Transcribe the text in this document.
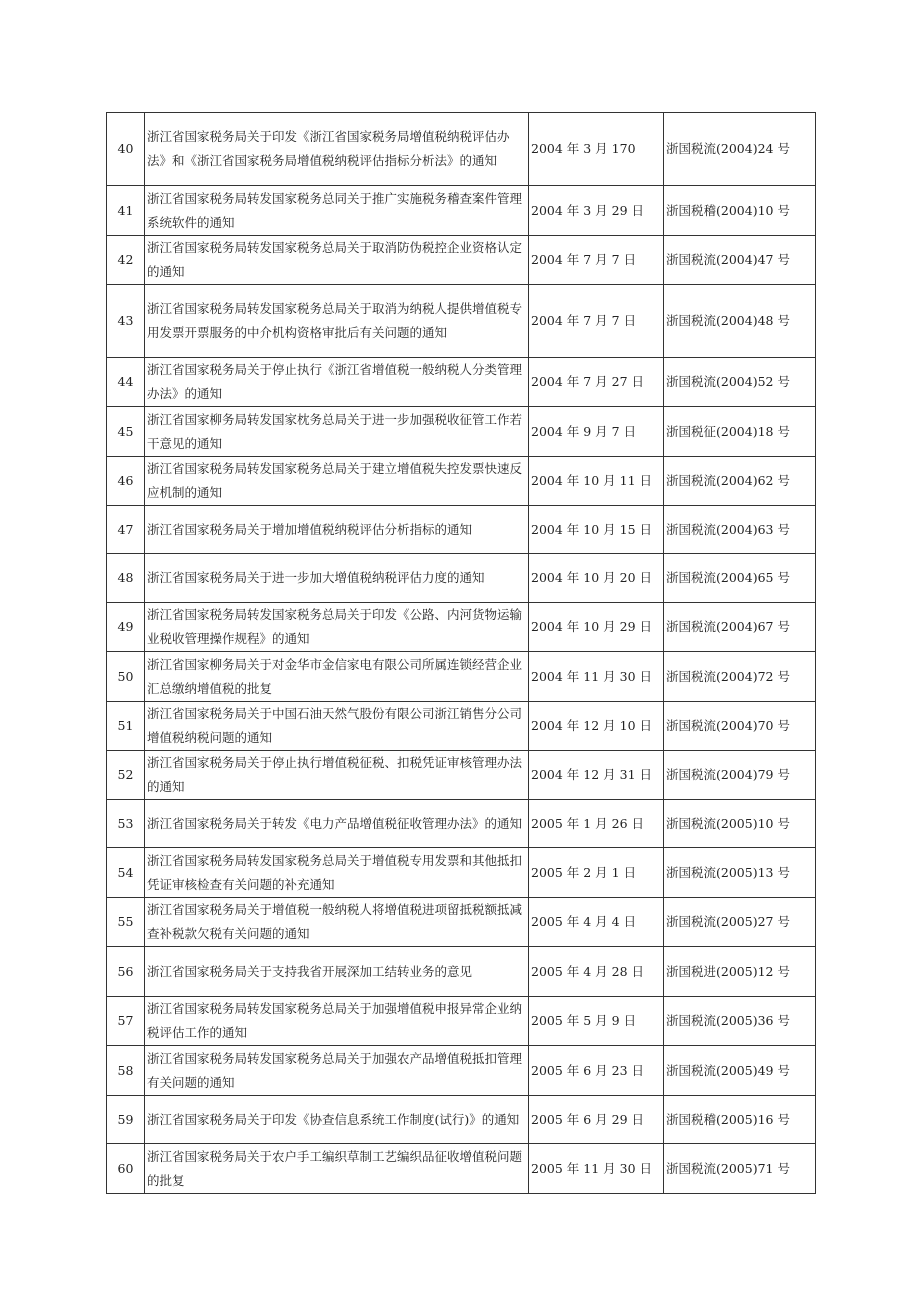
40	浙江省国家税务局关于印发《浙江省国家税务局增值税纳税评估办法》和《浙江省国家税务局增值税纳税评估指标分析法》的通知	2004 年 3 月 170	浙国税流(2004)24 号
41	浙江省国家税务局转发国家税务总同关于推广实施税务稽查案件管理系统软件的通知	2004 年 3 月 29 日	浙国税稽(2004)10 号
42	浙江省国家税务局转发国家税务总局关于取消防伪税控企业资格认定的通知	2004 年 7 月 7 日	浙国税流(2004)47 号
43	浙江省国家税务局转发国家税务总局关于取消为纳税人提供增值税专用发票开票服务的中介机构资格审批后有关问题的通知	2004 年 7 月 7 日	浙国税流(2004)48 号
44	浙江省国家税务局关于停止执行《浙江省增值税一般纳税人分类管理办法》的通知	2004 年 7 月 27 日	浙国税流(2004)52 号
45	浙江省国家柳务局转发国家枕务总局关于进一步加强税收征管工作若干意见的通知	2004 年 9 月 7 日	浙国税征(2004)18 号
46	浙江省国家税务局转发国家税务总局关于建立增值税失控发票快速反应机制的通知	2004 年 10 月 11 日	浙国税流(2004)62 号
47	浙江省国家税务局关于增加增值税纳税评估分析指标的通知	2004 年 10 月 15 日	浙国税流(2004)63 号
48	浙江省国家税务局关于进一步加大增值税纳税评估力度的通知	2004 年 10 月 20 日	浙国税流(2004)65 号
49	浙江省国家税务局转发国家税务总局关于印发《公路、内河货物运输业税收管理操作规程》的通知	2004 年 10 月 29 日	浙国税流(2004)67 号
50	浙江省国家柳务局关于对金华市金信家电有限公司所属连锁经营企业汇总缴纳增值税的批复	2004 年 11 月 30 日	浙国税流(2004)72 号
51	浙江省国家税务局关于中国石油天然气股份有限公司浙江销售分公司增值税纳税问题的通知	2004 年 12 月 10 日	浙国税流(2004)70 号
52	浙江省国家税务局关于停止执行增值税征税、扣税凭证审核管理办法的通知	2004 年 12 月 31 日	浙国税流(2004)79 号
53	浙江省国家税务局关于转发《电力产品增值税征收管理办法》的通知	2005 年 1 月 26 日	浙国税流(2005)10 号
54	浙江省国家税务局转发国家税务总局关于增值税专用发票和其他抵扣凭证审核检查有关问题的补充通知	2005 年 2 月 1 日	浙国税流(2005)13 号
55	浙江省国家税务局关于增值税一般纳税人将增值税进项留抵税额抵减查补税款欠税有关问题的通知	2005 年 4 月 4 日	浙国税流(2005)27 号
56	浙江省国家税务局关于支持我省开展深加工结转业务的意见	2005 年 4 月 28 日	浙国税进(2005)12 号
57	浙江省国家税务局转发国家税务总局关于加强增值税申报异常企业纳税评估工作的通知	2005 年 5 月 9 日	浙国税流(2005)36 号
58	浙江省国家税务局转发国家税务总局关于加强农产品增值税抵扣管理有关问题的通知	2005 年 6 月 23 日	浙国税流(2005)49 号
59	浙江省国家税务局关于印发《协查信息系统工作制度(试行)》的通知	2005 年 6 月 29 日	浙国税稽(2005)16 号
60	浙江省国家税务局关于农户手工编织草制工艺编织品征收增值税问题的批复	2005 年 11 月 30 日	浙国税流(2005)71 号
